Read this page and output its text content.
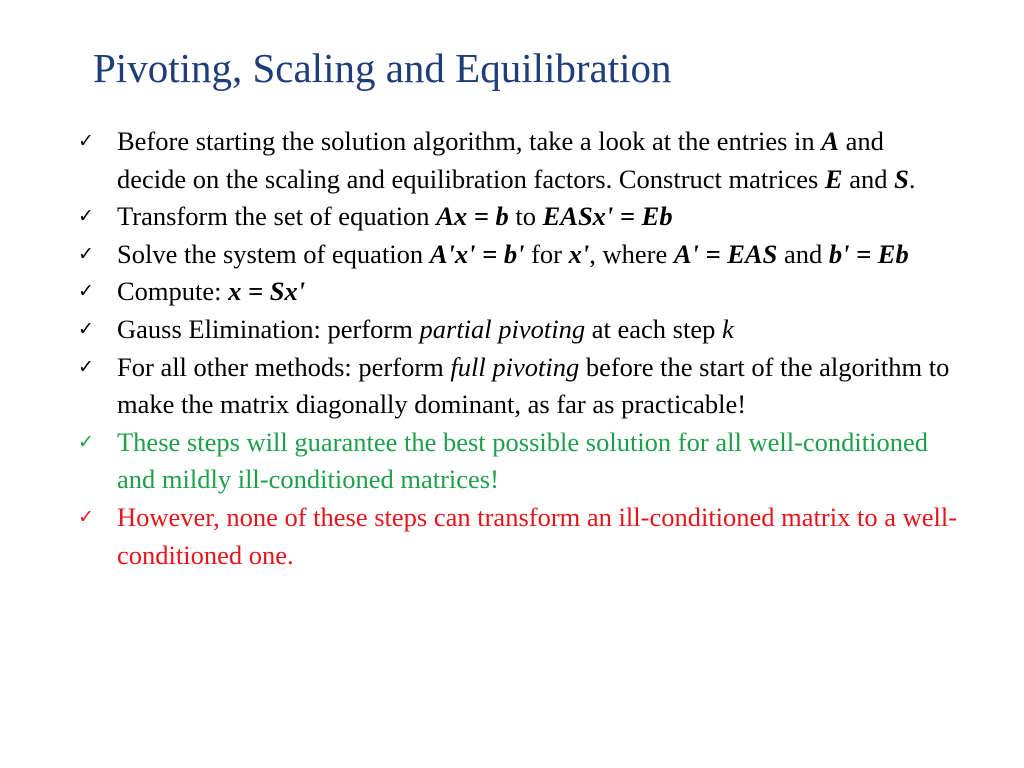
Pivoting, Scaling and Equilibration
✓ Before starting the solution algorithm, take a look at the entries in A and decide on the scaling and equilibration factors. Construct matrices E and S.
✓ Transform the set of equation Ax = b to EASx' = Eb
✓ Solve the system of equation A'x' = b' for x', where A' = EAS and b' = Eb
✓ Compute: x = Sx'
✓ Gauss Elimination: perform partial pivoting at each step k
✓ For all other methods: perform full pivoting before the start of the algorithm to make the matrix diagonally dominant, as far as practicable!
✓ These steps will guarantee the best possible solution for all well-conditioned and mildly ill-conditioned matrices!
✓ However, none of these steps can transform an ill-conditioned matrix to a well-conditioned one.
